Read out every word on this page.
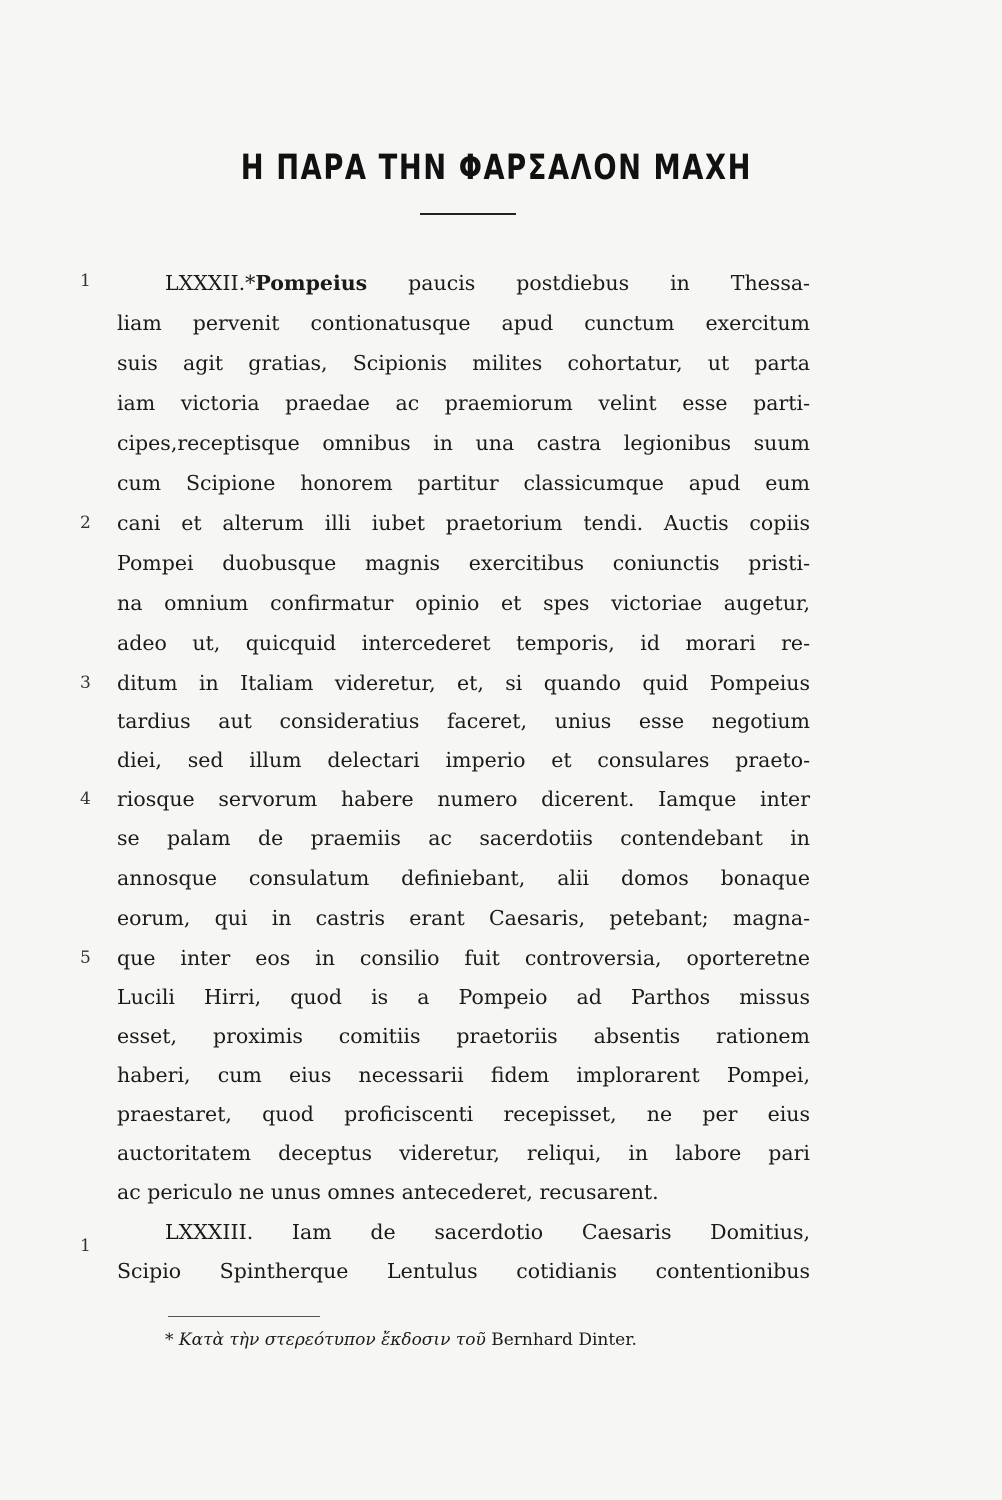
Η ΠΑΡΑ ΤΗΝ ΦΑΡΣΑΛΟΝ ΜΑΧΗ
1
2
3
4
5
1
LXXXII.*Pompeius paucis postdiebus in Thessa-
liam pervenit contionatusque apud cunctum exercitum
suis agit gratias, Scipionis milites cohortatur, ut parta
iam victoria praedae ac praemiorum velint esse parti-
cipes,receptisque omnibus in una castra legionibus suum
cum Scipione honorem partitur classicumque apud eum
cani et alterum illi iubet praetorium tendi. Auctis copiis
Pompei duobusque magnis exercitibus coniunctis pristi-
na omnium confirmatur opinio et spes victoriae augetur,
adeo ut, quicquid intercederet temporis, id morari re-
ditum in Italiam videretur, et, si quando quid Pompeius
tardius aut consideratius faceret, unius esse negotium
diei, sed illum delectari imperio et consulares praeto-
riosque servorum habere numero dicerent. Iamque inter
se palam de praemiis ac sacerdotiis contendebant in
annosque consulatum definiebant, alii domos bonaque
eorum, qui in castris erant Caesaris, petebant; magna-
que inter eos in consilio fuit controversia, oporteretne
Lucili Hirri, quod is a Pompeio ad Parthos missus
esset, proximis comitiis praetoriis absentis rationem
haberi, cum eius necessarii fidem implorarent Pompei,
praestaret, quod proficiscenti recepisset, ne per eius
auctoritatem deceptus videretur, reliqui, in labore pari
ac periculo ne unus omnes antecederet, recusarent.
LXXXIII. Iam de sacerdotio Caesaris Domitius,
Scipio Spintherque Lentulus cotidianis contentionibus
* Κατὰ τὴν στερεότυπον ἔκδοσιν τοῦ Bernhard Dinter.
